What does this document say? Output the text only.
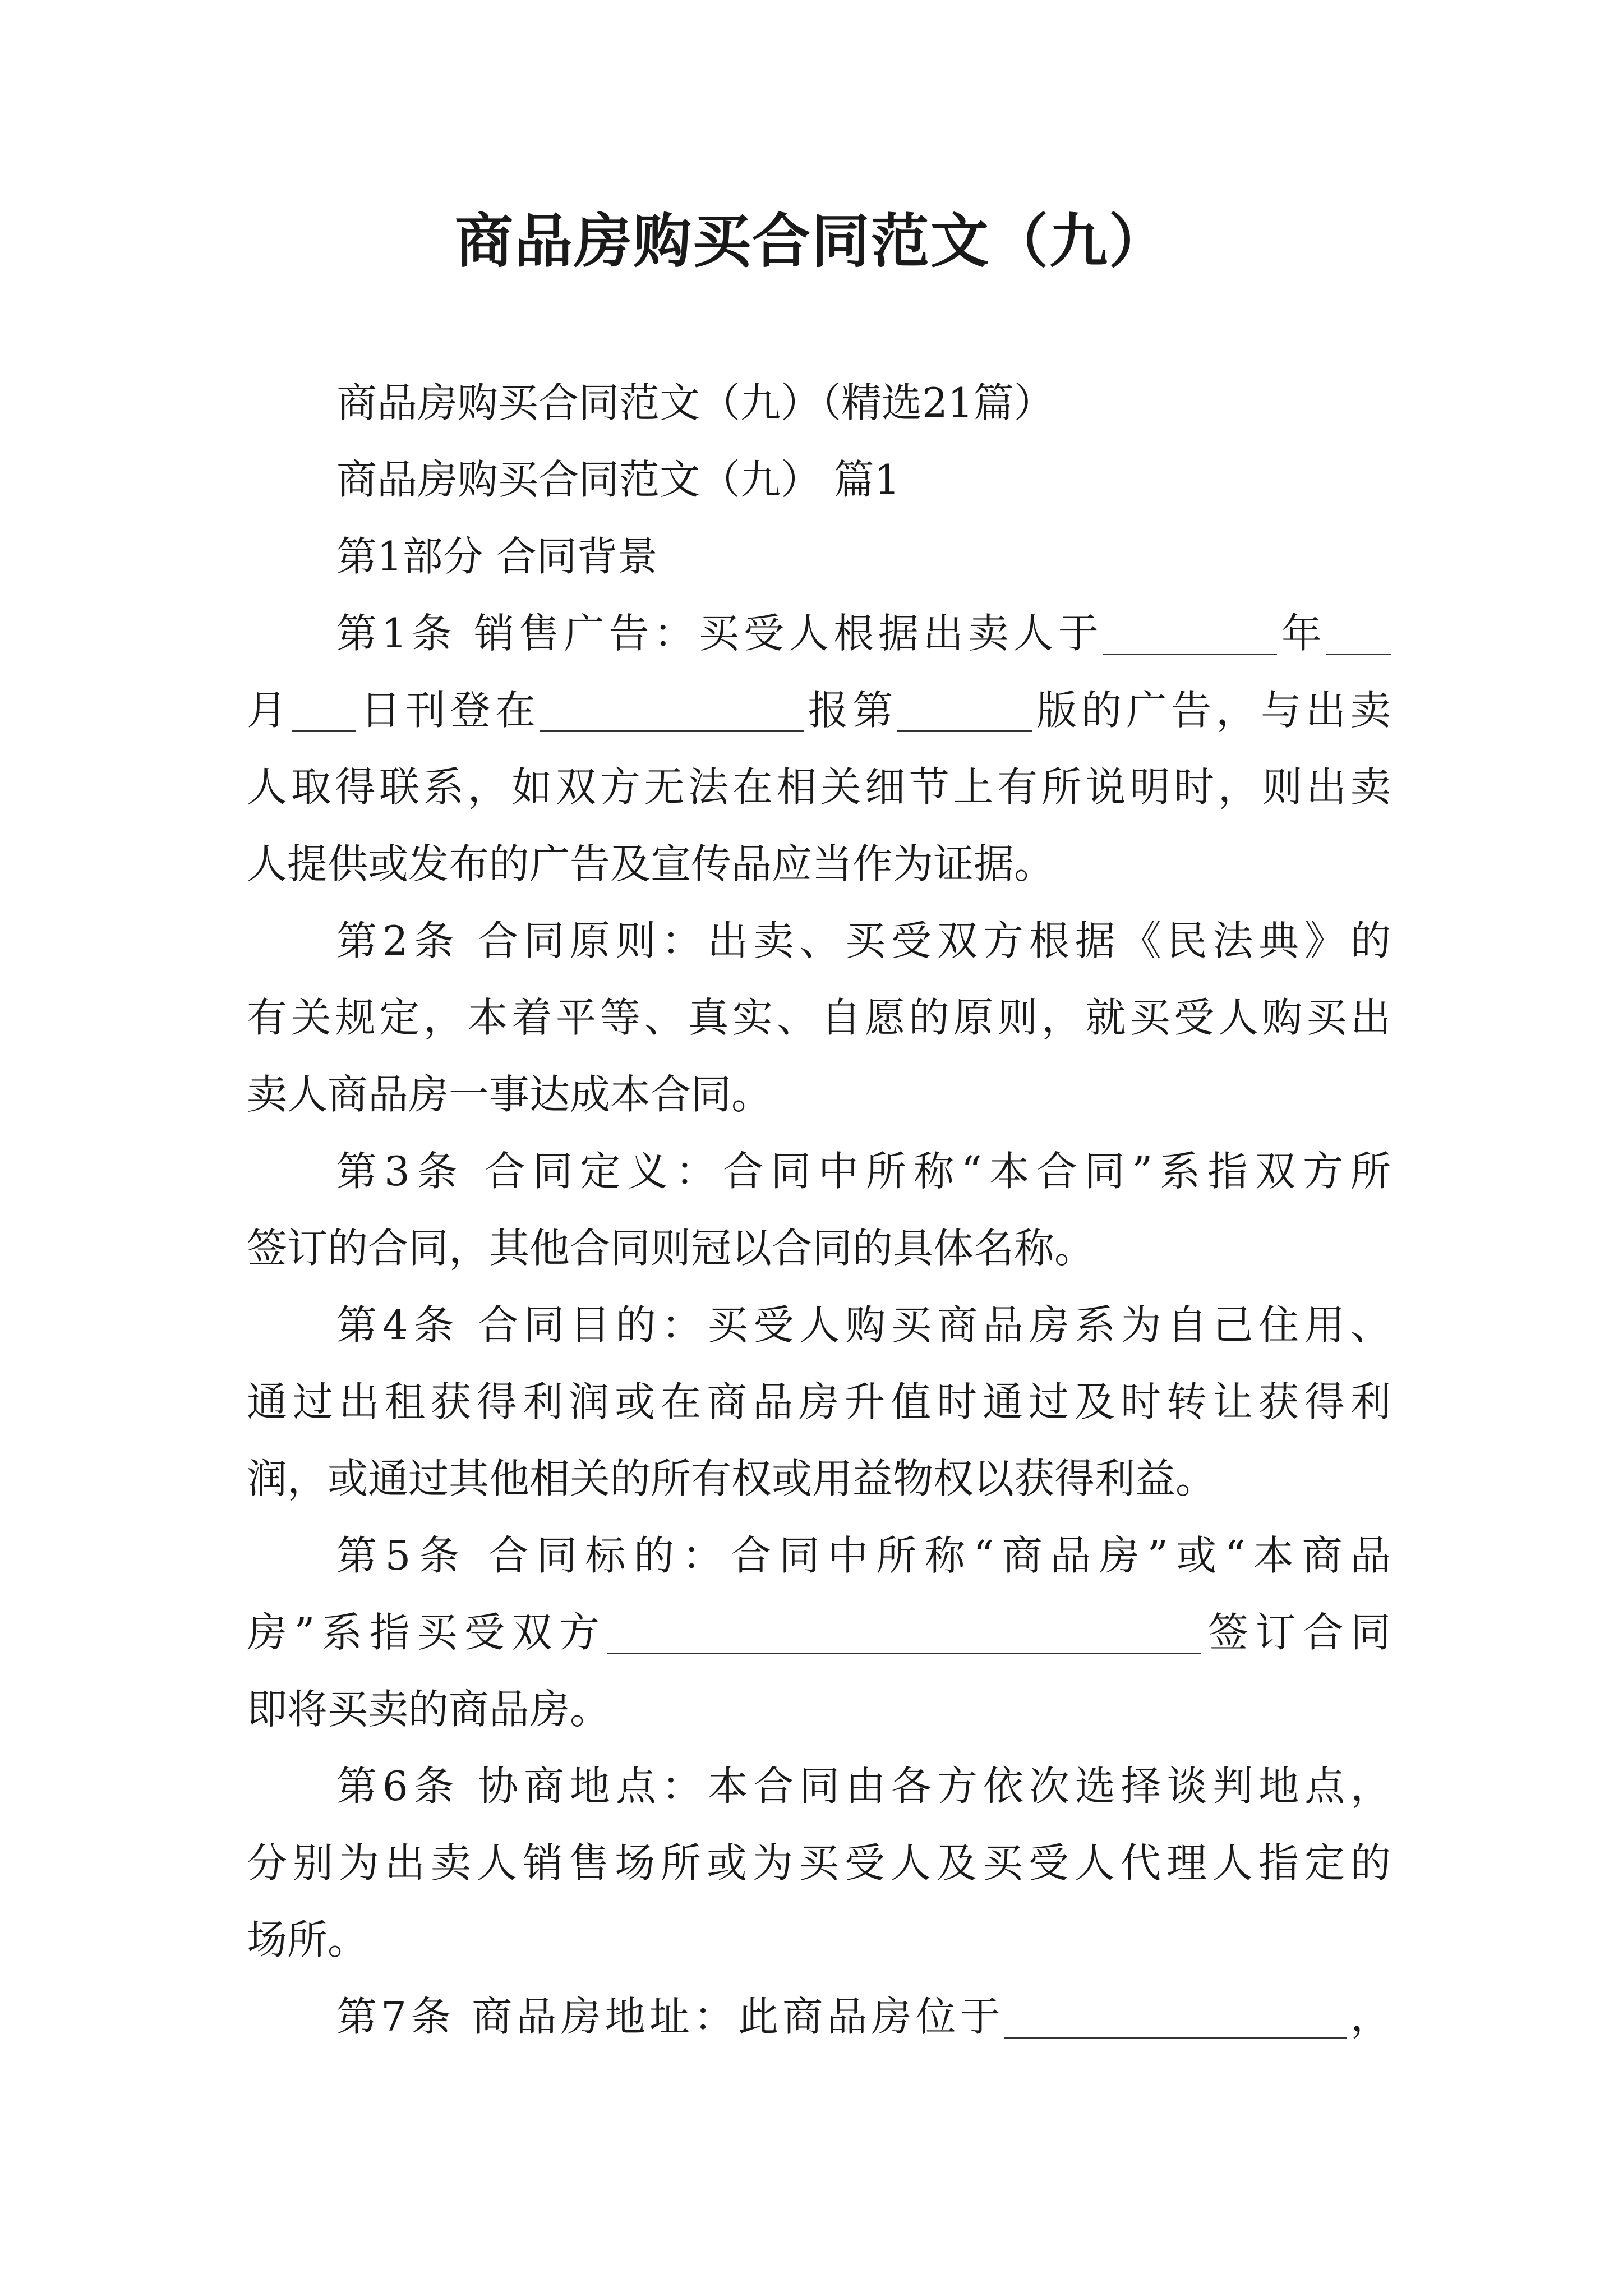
商品房购买合同范文（九）

商品房购买合同范文（九）（精选21篇）

商品房购买合同范文（九） 篇1

第1部分 合同背景

第1条 销售广告：买受人根据出卖人于	年

月 日刊登在	报第	版的广告，与出卖

人取得联系，如双方无法在相关细节上有所说明时，则出卖

人提供或发布的广告及宣传品应当作为证据。

第2条 合同原则：出卖、买受双方根据《民法典》的

有关规定，本着平等、真实、自愿的原则，就买受人购买出

卖人商品房一事达成本合同。

第3条 合同定义：合同中所称“本合同”系指双方所

签订的合同，其他合同则冠以合同的具体名称。

第4条 合同目的：买受人购买商品房系为自己住用、

通过出租获得利润或在商品房升值时通过及时转让获得利

润，或通过其他相关的所有权或用益物权以获得利益。

第5条 合同标的：合同中所称“商品房”或“本商品

房”系指买受双方	签订合同

即将买卖的商品房。

第6条 协商地点：本合同由各方依次选择谈判地点，

分别为出卖人销售场所或为买受人及买受人代理人指定的

场所。

第7条 商品房地址：此商品房位于	，
